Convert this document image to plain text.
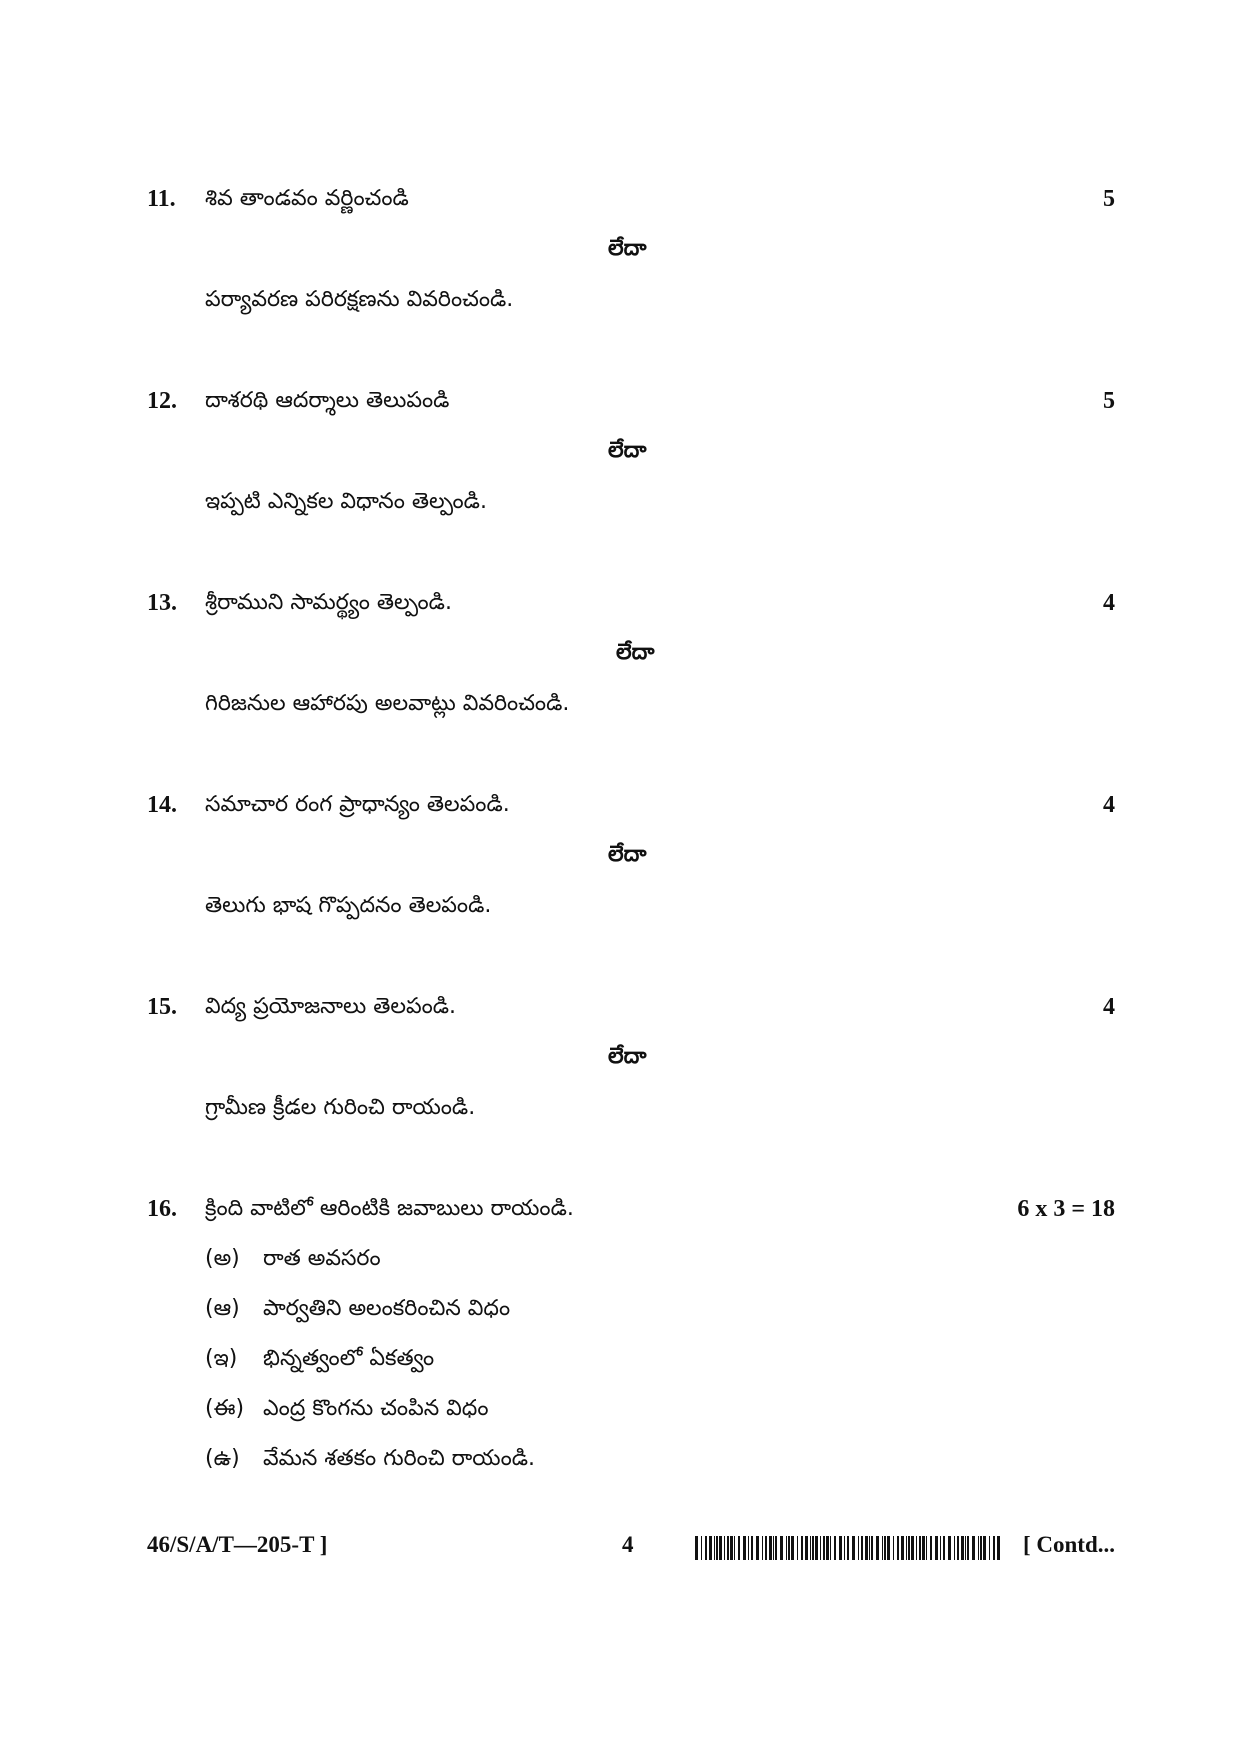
11. శివ తాండవం వర్ణించండి	5
లేదా
పర్యావరణ పరిరక్షణను వివరించండి.
12. దాశరథి ఆదర్శాలు తెలుపండి	5
లేదా
ఇప్పటి ఎన్నికల విధానం తెల్పండి.
13. శ్రీరాముని సామర్థ్యం తెల్పండి.	4
లేదా
గిరిజనుల ఆహారపు అలవాట్లు వివరించండి.
14. సమాచార రంగ ప్రాధాన్యం తెలపండి.	4
లేదా
తెలుగు భాష గొప్పదనం తెలపండి.
15. విద్య ప్రయోజనాలు తెలపండి.	4
లేదా
గ్రామీణ క్రీడల గురించి రాయండి.
16. క్రింది వాటిలో ఆరింటికి జవాబులు రాయండి.	6 x 3 = 18
(అ) రాత అవసరం
(ఆ) పార్వతిని అలంకరించిన విధం
(ఇ) భిన్నత్వంలో ఏకత్వం
(ఈ) ఎంద్ర కొంగను చంపిన విధం
(ఉ) వేమన శతకం గురించి రాయండి.
46/S/A/T—205-T ]	4	[ Contd...
